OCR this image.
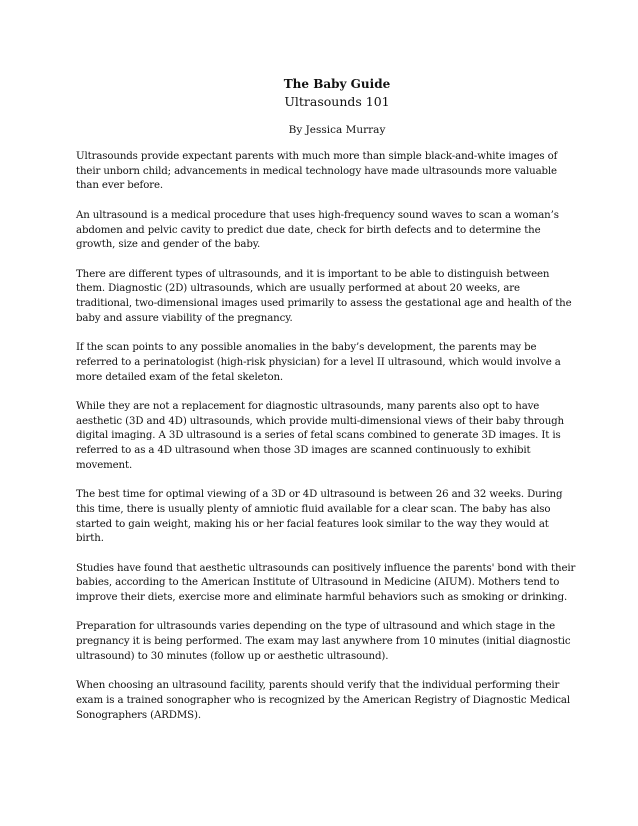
The Baby Guide

Ultrasounds 101

By Jessica Murray

Ultrasounds provide expectant parents with much more than simple black-and-white images of their unborn child; advancements in medical technology have made ultrasounds more valuable than ever before.

An ultrasound is a medical procedure that uses high-frequency sound waves to scan a woman’s abdomen and pelvic cavity to predict due date, check for birth defects and to determine the growth, size and gender of the baby.

There are different types of ultrasounds, and it is important to be able to distinguish between them. Diagnostic (2D) ultrasounds, which are usually performed at about 20 weeks, are traditional, two-dimensional images used primarily to assess the gestational age and health of the baby and assure viability of the pregnancy.

If the scan points to any possible anomalies in the baby’s development, the parents may be referred to a perinatologist (high-risk physician) for a level II ultrasound, which would involve a more detailed exam of the fetal skeleton.

While they are not a replacement for diagnostic ultrasounds, many parents also opt to have aesthetic (3D and 4D) ultrasounds, which provide multi-dimensional views of their baby through digital imaging. A 3D ultrasound is a series of fetal scans combined to generate 3D images. It is referred to as a 4D ultrasound when those 3D images are scanned continuously to exhibit movement.

The best time for optimal viewing of a 3D or 4D ultrasound is between 26 and 32 weeks. During this time, there is usually plenty of amniotic fluid available for a clear scan. The baby has also started to gain weight, making his or her facial features look similar to the way they would at birth.

Studies have found that aesthetic ultrasounds can positively influence the parents' bond with their babies, according to the American Institute of Ultrasound in Medicine (AIUM). Mothers tend to improve their diets, exercise more and eliminate harmful behaviors such as smoking or drinking.

Preparation for ultrasounds varies depending on the type of ultrasound and which stage in the pregnancy it is being performed. The exam may last anywhere from 10 minutes (initial diagnostic ultrasound) to 30 minutes (follow up or aesthetic ultrasound).

When choosing an ultrasound facility, parents should verify that the individual performing their exam is a trained sonographer who is recognized by the American Registry of Diagnostic Medical Sonographers (ARDMS).
